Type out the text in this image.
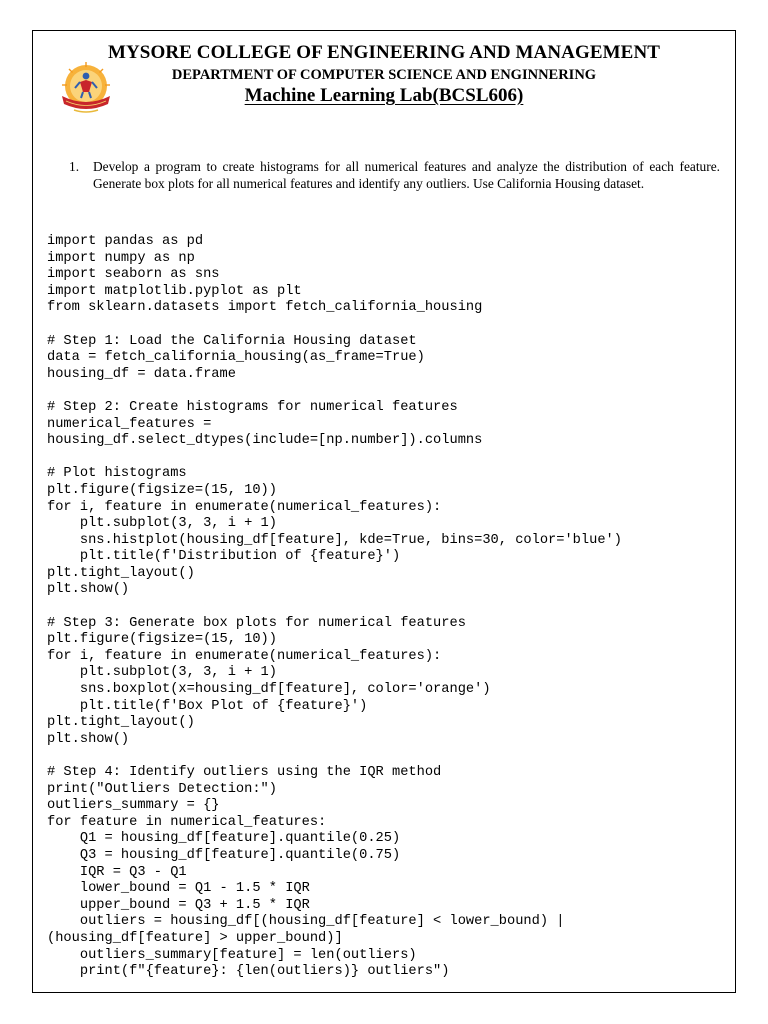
MYSORE COLLEGE OF ENGINEERING AND MANAGEMENT
DEPARTMENT OF COMPUTER SCIENCE AND ENGINNERING
Machine Learning Lab(BCSL606)
1. Develop a program to create histograms for all numerical features and analyze the distribution of each feature. Generate box plots for all numerical features and identify any outliers. Use California Housing dataset.
import pandas as pd
import numpy as np
import seaborn as sns
import matplotlib.pyplot as plt
from sklearn.datasets import fetch_california_housing

# Step 1: Load the California Housing dataset
data = fetch_california_housing(as_frame=True)
housing_df = data.frame

# Step 2: Create histograms for numerical features
numerical_features =
housing_df.select_dtypes(include=[np.number]).columns

# Plot histograms
plt.figure(figsize=(15, 10))
for i, feature in enumerate(numerical_features):
plt.subplot(3, 3, i + 1)
sns.histplot(housing_df[feature], kde=True, bins=30, color='blue')
plt.title(f'Distribution of {feature}')
plt.tight_layout()
plt.show()

# Step 3: Generate box plots for numerical features
plt.figure(figsize=(15, 10))
for i, feature in enumerate(numerical_features):
plt.subplot(3, 3, i + 1)
sns.boxplot(x=housing_df[feature], color='orange')
plt.title(f'Box Plot of {feature}')
plt.tight_layout()
plt.show()

# Step 4: Identify outliers using the IQR method
print("Outliers Detection:")
outliers_summary = {}
for feature in numerical_features:
Q1 = housing_df[feature].quantile(0.25)
Q3 = housing_df[feature].quantile(0.75)
IQR = Q3 - Q1
lower_bound = Q1 - 1.5 * IQR
upper_bound = Q3 + 1.5 * IQR
outliers = housing_df[(housing_df[feature] < lower_bound) |
(housing_df[feature] > upper_bound)]
outliers_summary[feature] = len(outliers)
print(f"{feature}: {len(outliers)} outliers")
